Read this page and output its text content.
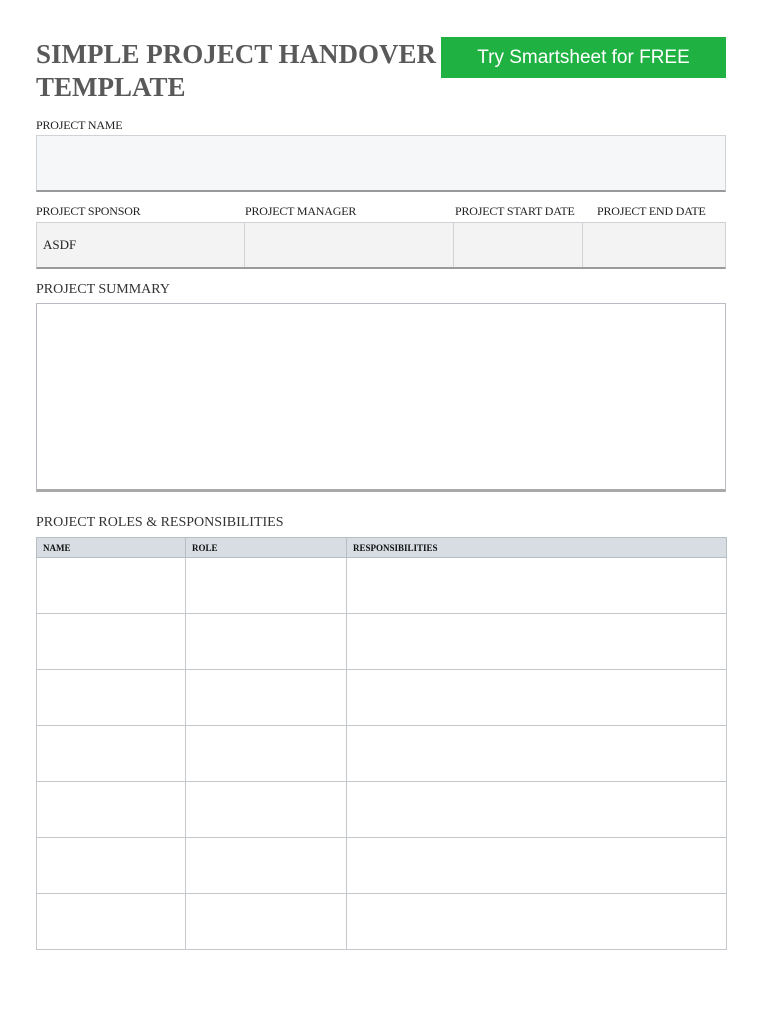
SIMPLE PROJECT HANDOVER TEMPLATE
Try Smartsheet for FREE
PROJECT NAME
PROJECT SPONSOR	PROJECT MANAGER	PROJECT START DATE PROJECT END DATE
ASDF
PROJECT SUMMARY
PROJECT ROLES & RESPONSIBILITIES
NAME	ROLE	RESPONSIBILITIES
